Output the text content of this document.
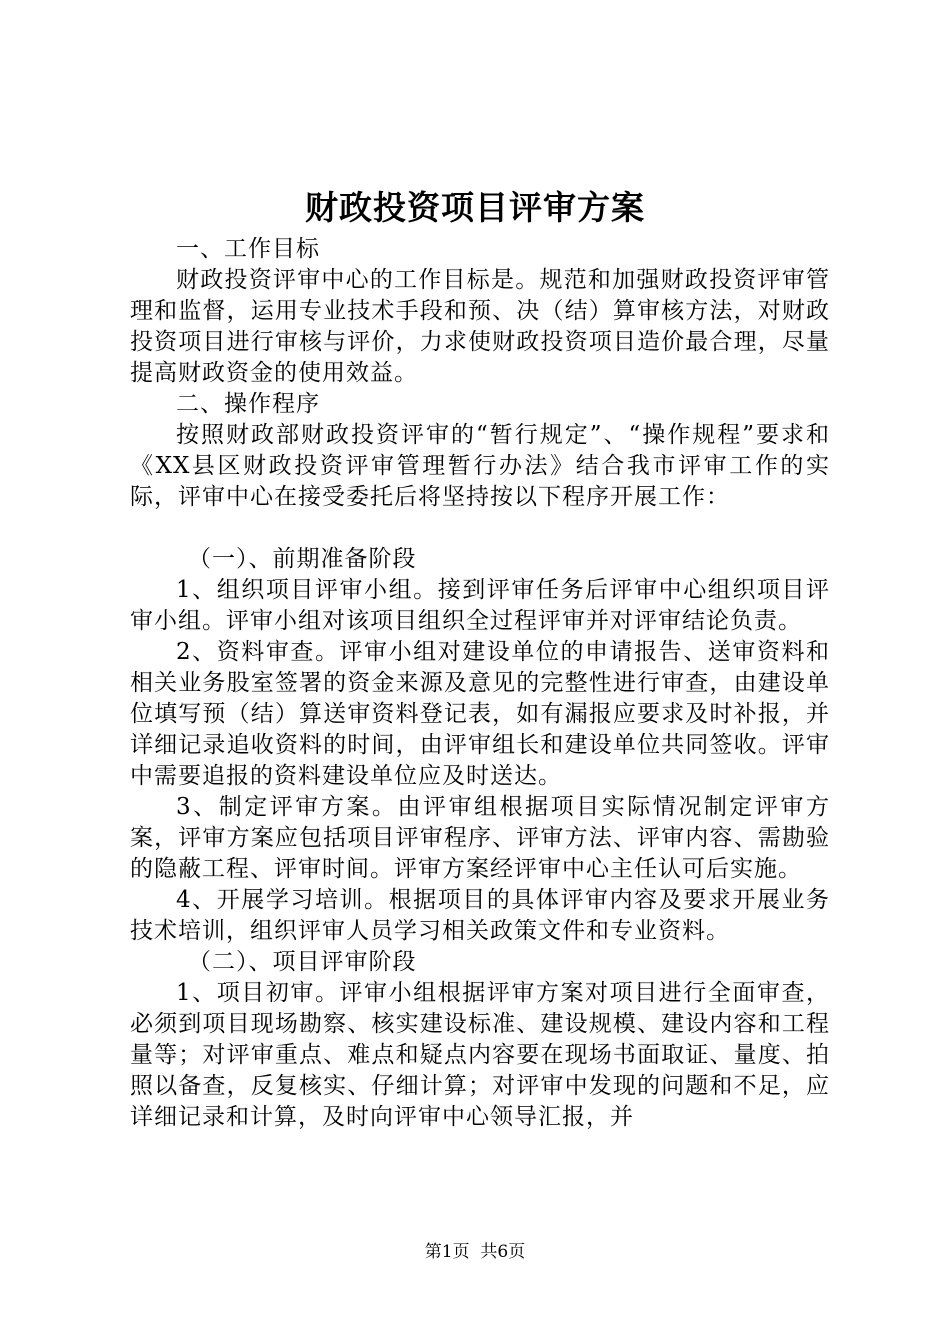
财政投资项目评审方案

一、工作目标

财政投资评审中心的工作目标是。规范和加强财政投资评审管理和监督，运用专业技术手段和预、决（结）算审核方法，对财政投资项目进行审核与评价，力求使财政投资项目造价最合理，尽量提高财政资金的使用效益。

二、操作程序

按照财政部财政投资评审的“暂行规定”、“操作规程”要求和《XX县区财政投资评审管理暂行办法》结合我市评审工作的实际，评审中心在接受委托后将坚持按以下程序开展工作：

（一）、前期准备阶段

1、组织项目评审小组。接到评审任务后评审中心组织项目评审小组。评审小组对该项目组织全过程评审并对评审结论负责。

2、资料审查。评审小组对建设单位的申请报告、送审资料和相关业务股室签署的资金来源及意见的完整性进行审查，由建设单位填写预（结）算送审资料登记表，如有漏报应要求及时补报，并详细记录追收资料的时间，由评审组长和建设单位共同签收。评审中需要追报的资料建设单位应及时送达。

3、制定评审方案。由评审组根据项目实际情况制定评审方案，评审方案应包括项目评审程序、评审方法、评审内容、需勘验的隐蔽工程、评审时间。评审方案经评审中心主任认可后实施。

4、开展学习培训。根据项目的具体评审内容及要求开展业务技术培训，组织评审人员学习相关政策文件和专业资料。

（二）、项目评审阶段

1、项目初审。评审小组根据评审方案对项目进行全面审查，必须到项目现场勘察、核实建设标准、建设规模、建设内容和工程量等；对评审重点、难点和疑点内容要在现场书面取证、量度、拍照以备查，反复核实、仔细计算；对评审中发现的问题和不足，应详细记录和计算，及时向评审中心领导汇报，并

第1页 共6页
